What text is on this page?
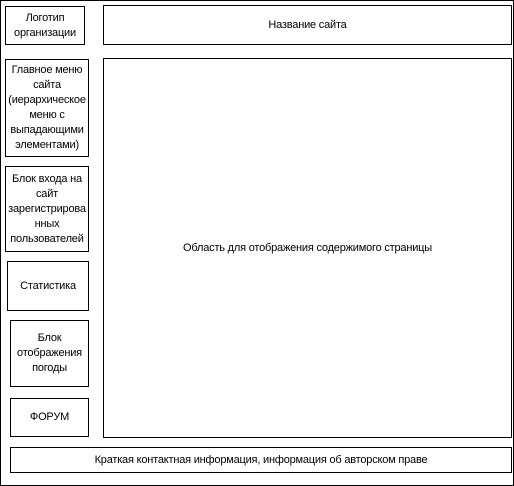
Логотип
организации
Название сайта
Главное меню
сайта
(иерархическое
меню с
выпадающими
элементами)
Блок входа на
сайт
зарегистрирова
нных
пользователей
Статистика
Блок
отображения
погоды
ФОРУМ
Область для отображения содержимого страницы
Краткая контактная информация, информация об авторском праве
